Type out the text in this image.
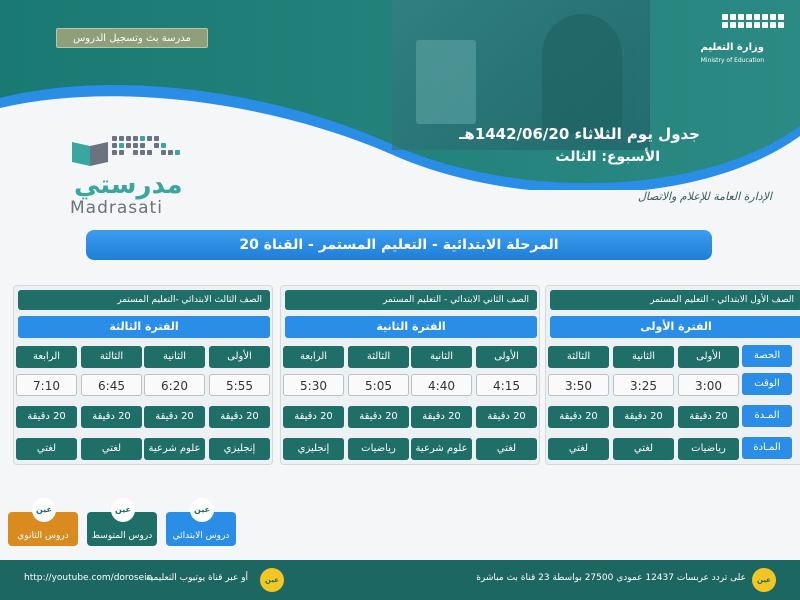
مدرسة بث وتسجيل الدروس
وزارة التعليم
Ministry of Education
جدول يوم الثلاثاء 1442/06/20هـ
الأسبوع: الثالث
الإدارة العامة للإعلام والاتصال
مدرستي
Madrasati
المرحلة الابتدائية - التعليم المستمر - القناة 20
الصف الأول الابتدائي - التعليم المستمر
الفترة الأولى
الأولى
الثانية
الثالثة
3:00
3:25
3:50
20 دقيقة
20 دقيقة
20 دقيقة
رياضيات
لغتي
لغتي
الصف الثاني الابتدائي - التعليم المستمر
الفترة الثانية
الأولى
الثانية
الثالثة
الرابعة
4:15
4:40
5:05
5:30
20 دقيقة
20 دقيقة
20 دقيقة
20 دقيقة
لغتي
علوم شرعية
رياضيات
إنجليزي
الصف الثالث الابتدائي -التعليم المستمر
الفترة الثالثة
الأولى
الثانية
الثالثة
الرابعة
5:55
6:20
6:45
7:10
20 دقيقة
20 دقيقة
20 دقيقة
20 دقيقة
إنجليزي
علوم شرعية
لغتي
لغتي
الحصة
الوقت
المـدة
المـادة
عين
دروس الابتدائي
عين
دروس المتوسط
عين
دروس الثانوي
عين
على تردد عربسات 12437 عمودي 27500 بواسطة 23 قناة بث مباشرة
عين
أو عبر قناة يوتيوب التعليمية
http://youtube.com/dorosein
